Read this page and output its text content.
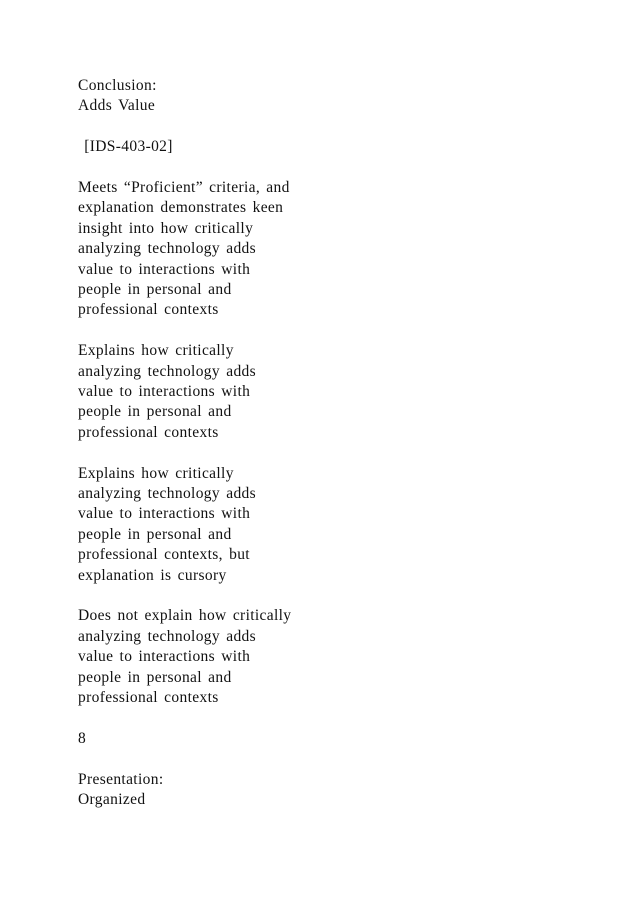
Conclusion:
Adds Value

[IDS-403-02]

Meets “Proficient” criteria, and
explanation demonstrates keen
insight into how critically
analyzing technology adds
value to interactions with
people in personal and
professional contexts

Explains how critically
analyzing technology adds
value to interactions with
people in personal and
professional contexts

Explains how critically
analyzing technology adds
value to interactions with
people in personal and
professional contexts, but
explanation is cursory

Does not explain how critically
analyzing technology adds
value to interactions with
people in personal and
professional contexts

8

Presentation:
Organized
